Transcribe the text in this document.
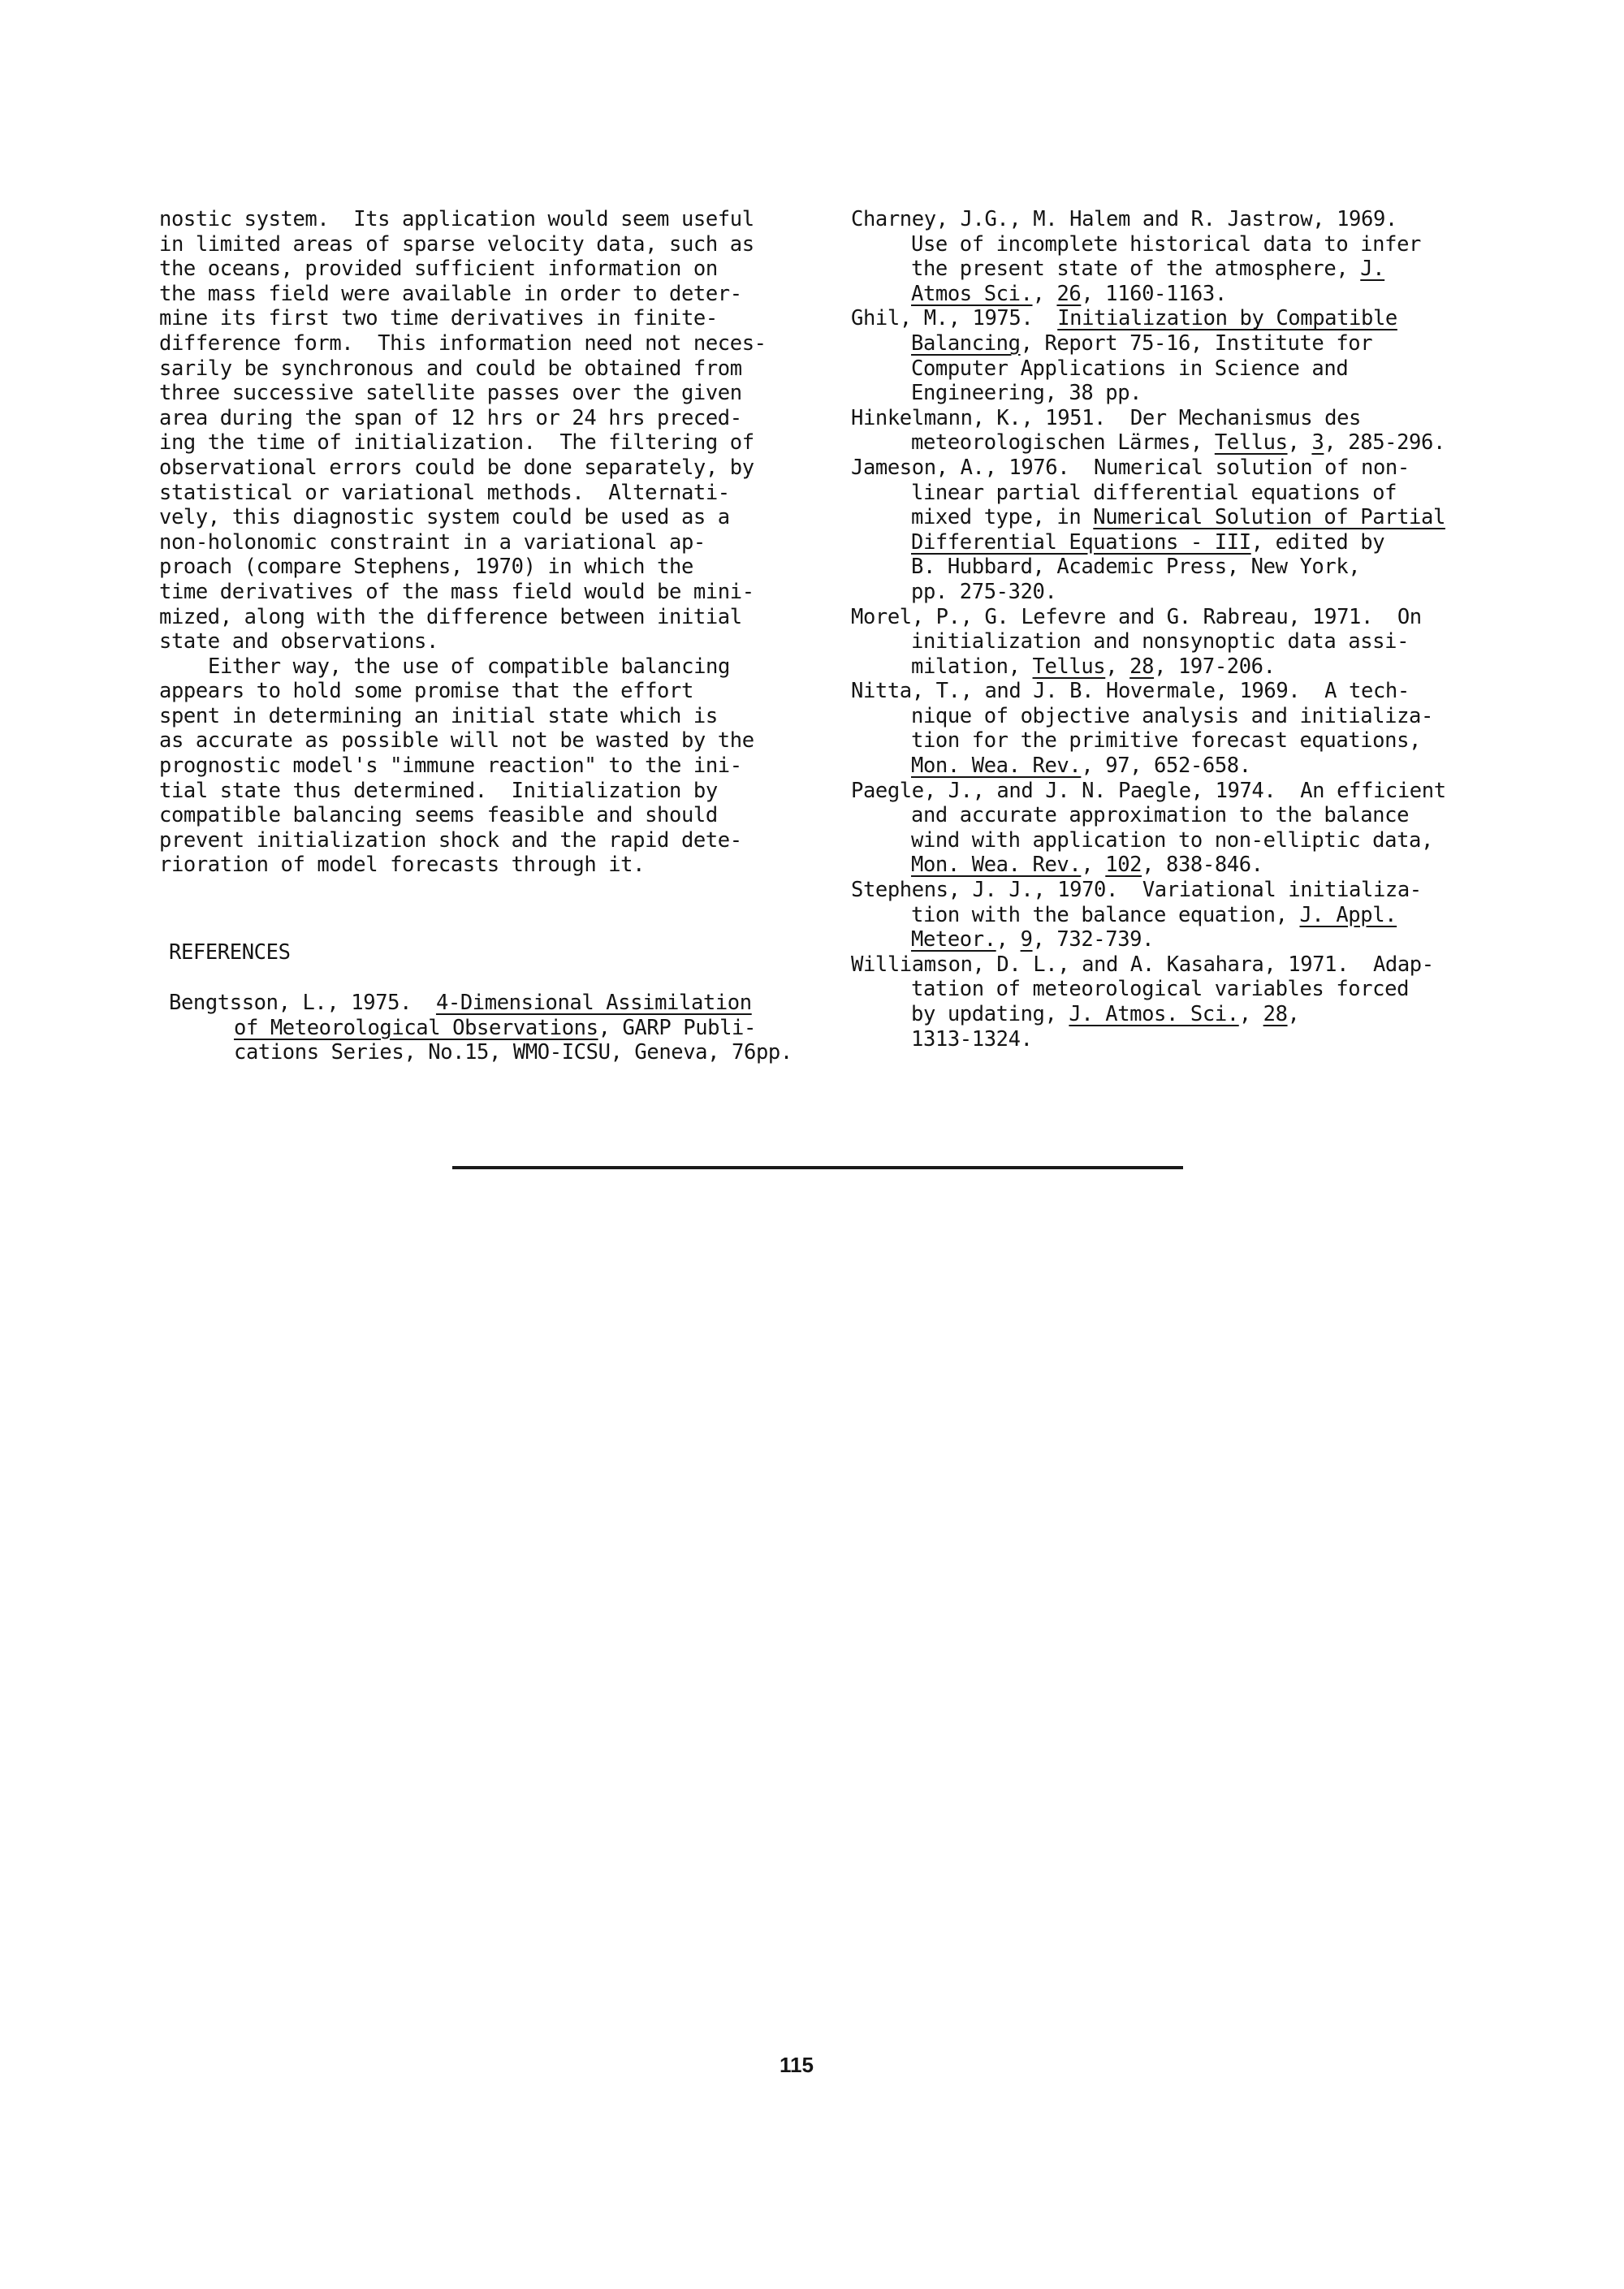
nostic system.  Its application would seem useful
in limited areas of sparse velocity data, such as
the oceans, provided sufficient information on
the mass field were available in order to deter-
mine its first two time derivatives in finite-
difference form.  This information need not neces-
sarily be synchronous and could be obtained from
three successive satellite passes over the given
area during the span of 12 hrs or 24 hrs preced-
ing the time of initialization.  The filtering of
observational errors could be done separately, by
statistical or variational methods.  Alternati-
vely, this diagnostic system could be used as a
non-holonomic constraint in a variational ap-
proach (compare Stephens, 1970) in which the
time derivatives of the mass field would be mini-
mized, along with the difference between initial
state and observations.
Either way, the use of compatible balancing
appears to hold some promise that the effort
spent in determining an initial state which is
as accurate as possible will not be wasted by the
prognostic model's "immune reaction" to the ini-
tial state thus determined.  Initialization by
compatible balancing seems feasible and should
prevent initialization shock and the rapid dete-
rioration of model forecasts through it.
REFERENCES
Bengtsson, L., 1975.  4-Dimensional Assimilation
of Meteorological Observations, GARP Publi-
cations Series, No.15, WMO-ICSU, Geneva, 76pp.
Charney, J.G., M. Halem and R. Jastrow, 1969.
Use of incomplete historical data to infer
the present state of the atmosphere, J.
Atmos Sci., 26, 1160-1163.
Ghil, M., 1975.  Initialization by Compatible
Balancing, Report 75-16, Institute for
Computer Applications in Science and
Engineering, 38 pp.
Hinkelmann, K., 1951.  Der Mechanismus des
meteorologischen Lärmes, Tellus, 3, 285-296.
Jameson, A., 1976.  Numerical solution of non-
linear partial differential equations of
mixed type, in Numerical Solution of Partial
Differential Equations - III, edited by
B. Hubbard, Academic Press, New York,
pp. 275-320.
Morel, P., G. Lefevre and G. Rabreau, 1971.  On
initialization and nonsynoptic data assi-
milation, Tellus, 28, 197-206.
Nitta, T., and J. B. Hovermale, 1969.  A tech-
nique of objective analysis and initializa-
tion for the primitive forecast equations,
Mon. Wea. Rev., 97, 652-658.
Paegle, J., and J. N. Paegle, 1974.  An efficient
and accurate approximation to the balance
wind with application to non-elliptic data,
Mon. Wea. Rev., 102, 838-846.
Stephens, J. J., 1970.  Variational initializa-
tion with the balance equation, J. Appl.
Meteor., 9, 732-739.
Williamson, D. L., and A. Kasahara, 1971.  Adap-
tation of meteorological variables forced
by updating, J. Atmos. Sci., 28,
1313-1324.
115
